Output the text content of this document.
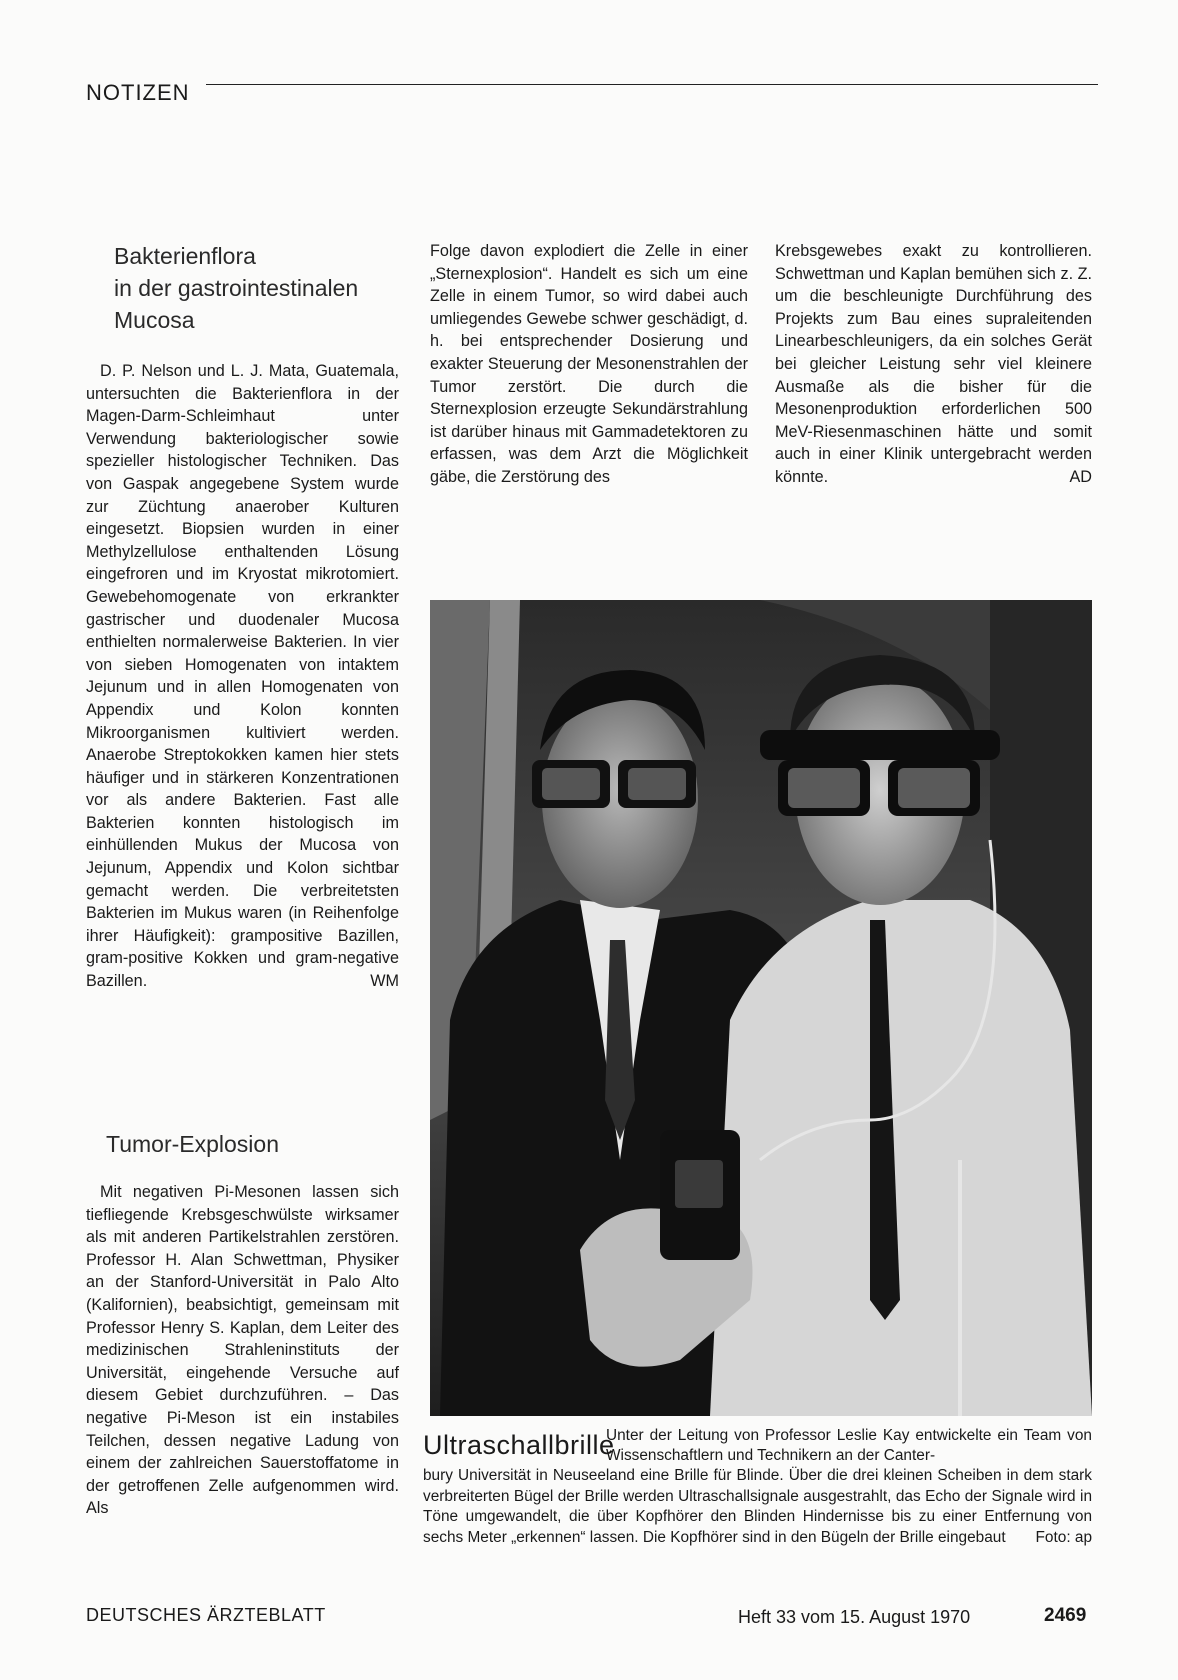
NOTIZEN
Bakterienflora
in der gastrointestinalen
Mucosa

D. P. Nelson und L. J. Mata, Guatemala, untersuchten die Bakterienflora in der Magen-Darm-Schleimhaut unter Verwendung bakteriologischer sowie spezieller histologischer Techniken. Das von Gaspak angegebene System wurde zur Züchtung anaerober Kulturen eingesetzt. Biopsien wurden in einer Methylzellulose enthaltenden Lösung eingefroren und im Kryostat mikrotomiert. Gewebehomogenate von erkrankter gastrischer und duodenaler Mucosa enthielten normalerweise Bakterien. In vier von sieben Homogenaten von intaktem Jejunum und in allen Homogenaten von Appendix und Kolon konnten Mikroorganismen kultiviert werden. Anaerobe Streptokokken kamen hier stets häufiger und in stärkeren Konzentrationen vor als andere Bakterien. Fast alle Bakterien konnten histologisch im einhüllenden Mukus der Mucosa von Jejunum, Appendix und Kolon sichtbar gemacht werden. Die verbreitetsten Bakterien im Mukus waren (in Reihenfolge ihrer Häufigkeit): grampositive Bazillen, gram-positive Kokken und gram-negative Bazillen.	WM

Tumor-Explosion

Mit negativen Pi-Mesonen lassen sich tiefliegende Krebsgeschwülste wirksamer als mit anderen Partikelstrahlen zerstören. Professor H. Alan Schwettman, Physiker an der Stanford-Universität in Palo Alto (Kalifornien), beabsichtigt, gemeinsam mit Professor Henry S. Kaplan, dem Leiter des medizinischen Strahleninstituts der Universität, eingehende Versuche auf diesem Gebiet durchzuführen. – Das negative Pi-Meson ist ein instabiles Teilchen, dessen negative Ladung von einem der zahlreichen Sauerstoffatome in der getroffenen Zelle aufgenommen wird. Als

Folge davon explodiert die Zelle in einer „Sternexplosion“. Handelt es sich um eine Zelle in einem Tumor, so wird dabei auch umliegendes Gewebe schwer geschädigt, d. h. bei entsprechender Dosierung und exakter Steuerung der Mesonenstrahlen der Tumor zerstört. Die durch die Sternexplosion erzeugte Sekundärstrahlung ist darüber hinaus mit Gammadetektoren zu erfassen, was dem Arzt die Möglichkeit gäbe, die Zerstörung des

Krebsgewebes exakt zu kontrollieren. Schwettman und Kaplan bemühen sich z. Z. um die beschleunigte Durchführung des Projekts zum Bau eines supraleitenden Linearbeschleunigers, da ein solches Gerät bei gleicher Leistung sehr viel kleinere Ausmaße als die bisher für die Mesonenproduktion erforderlichen 500 MeV-Riesenmaschinen hätte und somit auch in einer Klinik untergebracht werden könnte.	AD

Ultraschallbrille
Unter der Leitung von Professor Leslie Kay entwickelte ein Team von Wissenschaftlern und Technikern an der Canter-
bury Universität in Neuseeland eine Brille für Blinde. Über die drei kleinen Scheiben in dem stark verbreiterten Bügel der Brille werden Ultraschallsignale ausgestrahlt, das Echo der Signale wird in Töne umgewandelt, die über Kopfhörer den Blinden Hindernisse bis zu einer Entfernung von sechs Meter „erkennen“ lassen. Die Kopfhörer sind in den Bügeln der Brille eingebaut Foto: ap
DEUTSCHES ÄRZTEBLATT	Heft 33 vom 15. August 1970	2469
